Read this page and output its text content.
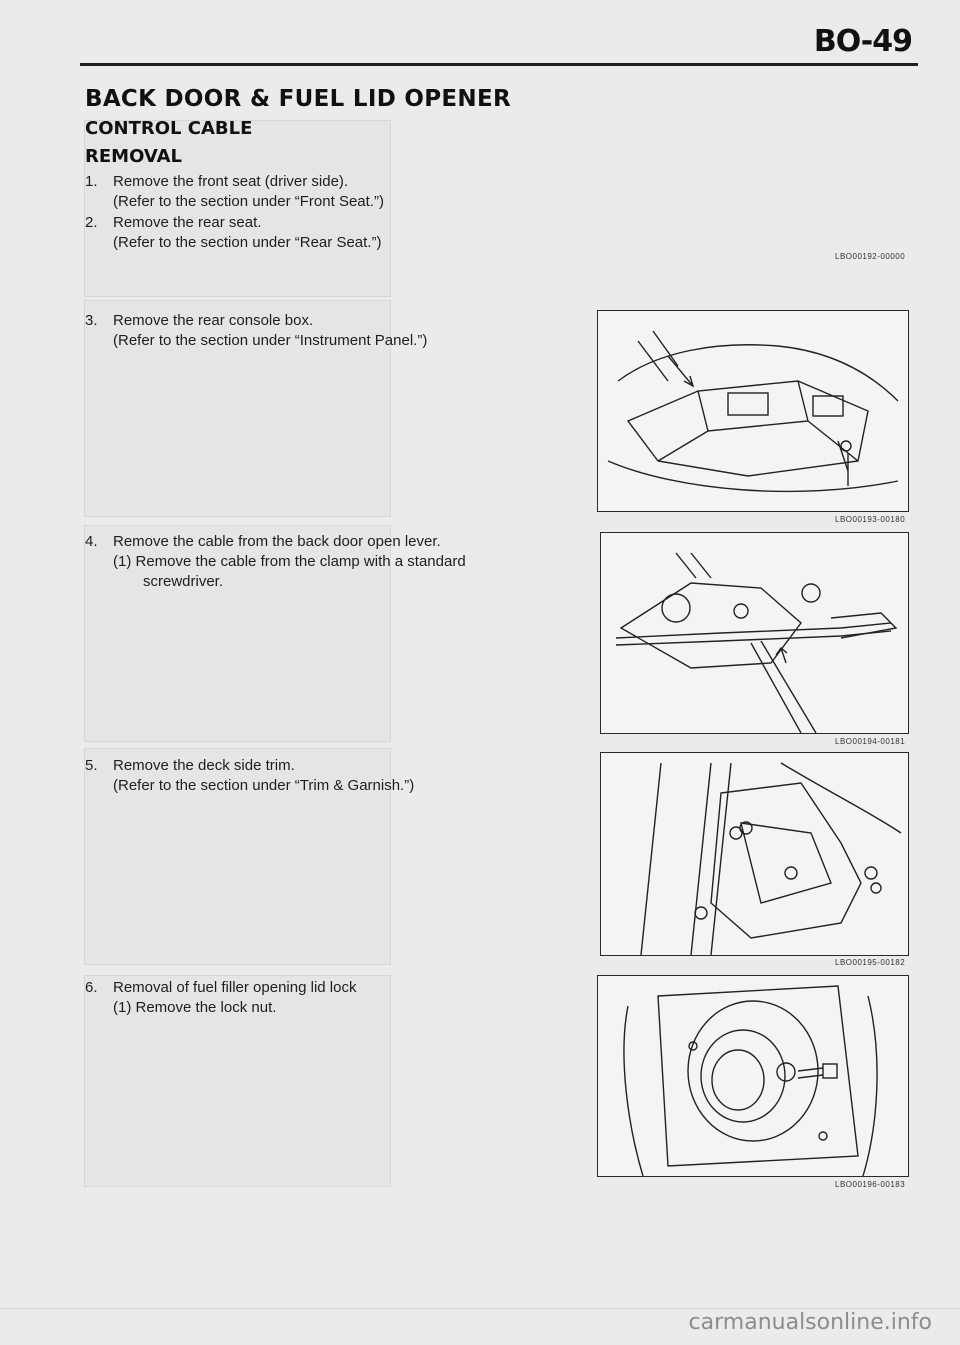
BO-49
BACK DOOR & FUEL LID OPENER
CONTROL CABLE
REMOVAL
1. Remove the front seat (driver side).
(Refer to the section under “Front Seat.”)
2. Remove the rear seat.
(Refer to the section under “Rear Seat.”)
LBO00192-00000
3. Remove the rear console box.
(Refer to the section under “Instrument Panel.”)
LBO00193-00180
4. Remove the cable from the back door open lever.
(1) Remove the cable from the clamp with a standard
screwdriver.
LBO00194-00181
5. Remove the deck side trim.
(Refer to the section under “Trim & Garnish.”)
LBO00195-00182
6. Removal of fuel filler opening lid lock
(1) Remove the lock nut.
LBO00196-00183
carmanualsonline.info
